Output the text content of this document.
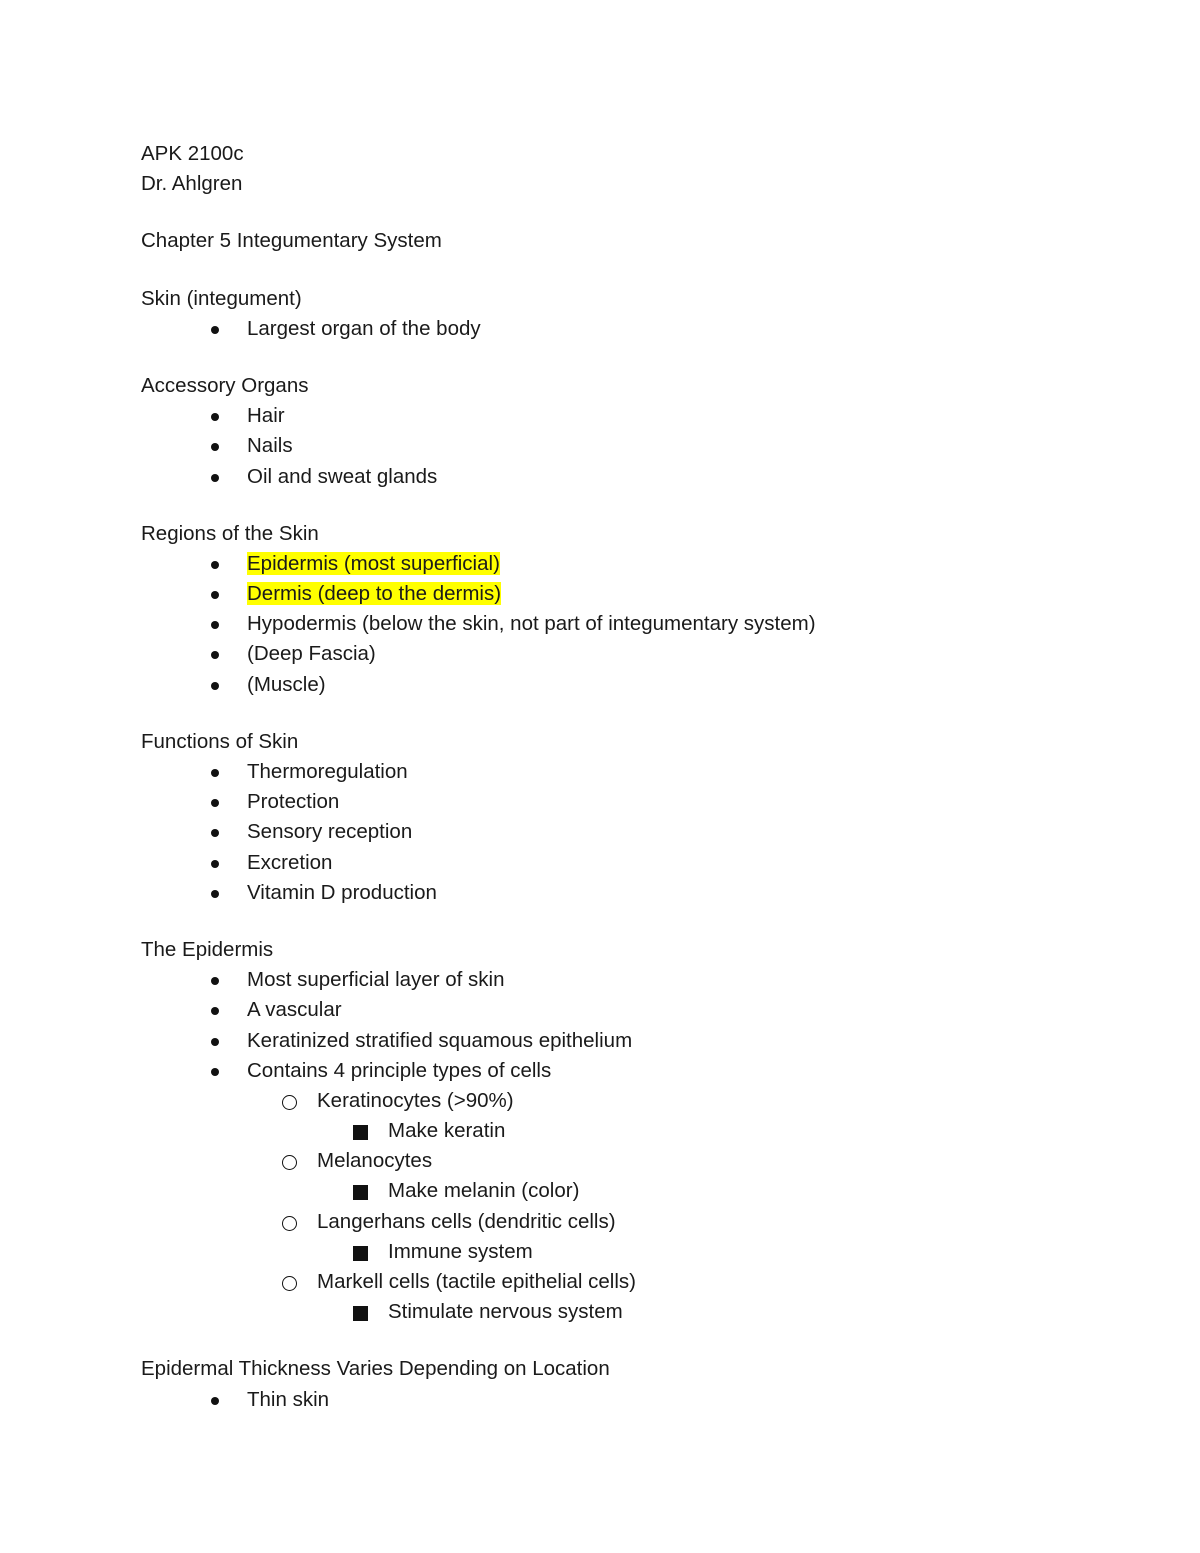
APK 2100c
Dr. Ahlgren
Chapter 5 Integumentary System
Skin (integument)
Largest organ of the body
Accessory Organs
Hair
Nails
Oil and sweat glands
Regions of the Skin
Epidermis (most superficial)
Dermis (deep to the dermis)
Hypodermis (below the skin, not part of integumentary system)
(Deep Fascia)
(Muscle)
Functions of Skin
Thermoregulation
Protection
Sensory reception
Excretion
Vitamin D production
The Epidermis
Most superficial layer of skin
A vascular
Keratinized stratified squamous epithelium
Contains 4 principle types of cells
Keratinocytes (>90%)
Make keratin
Melanocytes
Make melanin (color)
Langerhans cells (dendritic cells)
Immune system
Markell cells (tactile epithelial cells)
Stimulate nervous system
Epidermal Thickness Varies Depending on Location
Thin skin
